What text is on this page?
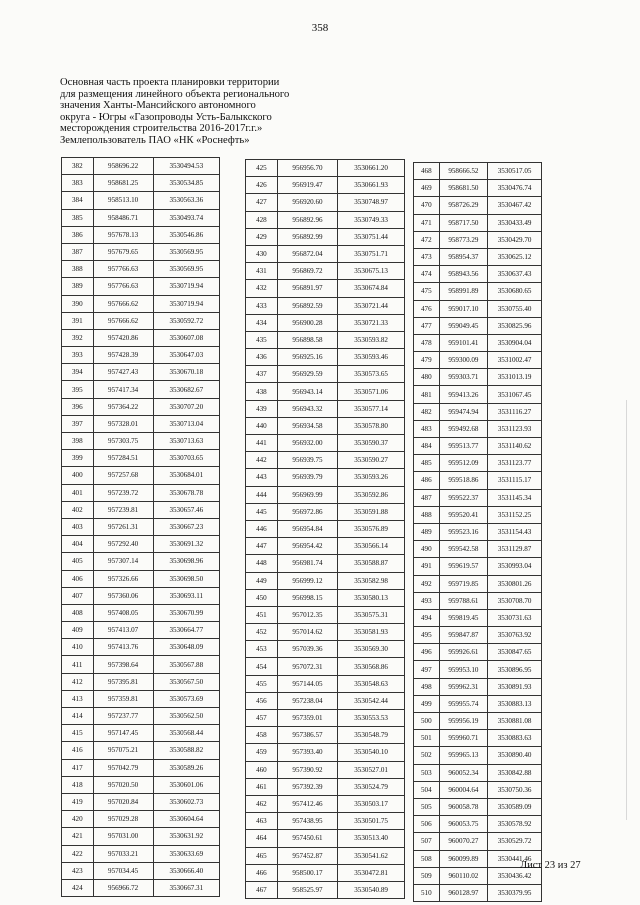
358
Основная часть проекта планировки территории
для размещения линейного объекта регионального
значения Ханты-Мансийского автономного
округа - Югры «Газопроводы Усть-Балыкского
месторождения строительства 2016-2017г.г.»
Землепользователь ПАО «НК «Роснефть»
382	958696.22	3530494.53
383	958681.25	3530534.85
384	958513.10	3530563.36
385	958486.71	3530493.74
386	957678.13	3530546.86
387	957679.65	3530569.95
388	957766.63	3530569.95
389	957766.63	3530719.94
390	957666.62	3530719.94
391	957666.62	3530592.72
392	957420.86	3530607.08
393	957428.39	3530647.03
394	957427.43	3530670.18
395	957417.34	3530682.67
396	957364.22	3530707.20
397	957328.01	3530713.04
398	957303.75	3530713.63
399	957284.51	3530703.65
400	957257.68	3530684.01
401	957239.72	3530678.78
402	957239.81	3530657.46
403	957261.31	3530667.23
404	957292.40	3530691.32
405	957307.14	3530698.96
406	957326.66	3530698.50
407	957360.06	3530693.11
408	957408.05	3530670.99
409	957413.07	3530664.77
410	957413.76	3530648.09
411	957398.64	3530567.88
412	957395.81	3530567.50
413	957359.81	3530573.69
414	957237.77	3530562.50
415	957147.45	3530568.44
416	957075.21	3530588.82
417	957042.79	3530589.26
418	957020.50	3530601.06
419	957020.84	3530602.73
420	957029.28	3530604.64
421	957031.00	3530631.92
422	957033.21	3530633.69
423	957034.45	3530666.40
424	956966.72	3530667.31
425	956956.70	3530661.20
426	956919.47	3530661.93
427	956920.60	3530748.97
428	956892.96	3530749.33
429	956892.99	3530751.44
430	956872.04	3530751.71
431	956869.72	3530675.13
432	956891.97	3530674.84
433	956892.59	3530721.44
434	956900.28	3530721.33
435	956898.58	3530593.82
436	956925.16	3530593.46
437	956929.59	3530573.65
438	956943.14	3530571.06
439	956943.32	3530577.14
440	956934.58	3530578.80
441	956932.00	3530590.37
442	956939.75	3530590.27
443	956939.79	3530593.26
444	956969.99	3530592.86
445	956972.86	3530591.88
446	956954.84	3530576.89
447	956954.42	3530566.14
448	956981.74	3530588.87
449	956999.12	3530582.98
450	956998.15	3530580.13
451	957012.35	3530575.31
452	957014.62	3530581.93
453	957039.36	3530569.30
454	957072.31	3530568.86
455	957144.05	3530548.63
456	957238.04	3530542.44
457	957359.01	3530553.53
458	957386.57	3530548.79
459	957393.40	3530540.10
460	957390.92	3530527.01
461	957392.39	3530524.79
462	957412.46	3530503.17
463	957438.95	3530501.75
464	957450.61	3530513.40
465	957452.87	3530541.62
466	958500.17	3530472.81
467	958525.97	3530540.89
468	958666.52	3530517.05
469	958681.50	3530476.74
470	958726.29	3530467.42
471	958717.50	3530433.49
472	958773.29	3530429.70
473	958954.37	3530625.12
474	958943.56	3530637.43
475	958991.89	3530680.65
476	959017.10	3530755.40
477	959049.45	3530825.96
478	959101.41	3530904.04
479	959300.09	3531002.47
480	959303.71	3531013.19
481	959413.26	3531067.45
482	959474.94	3531116.27
483	959492.68	3531123.93
484	959513.77	3531140.62
485	959512.09	3531123.77
486	959518.86	3531115.17
487	959522.37	3531145.34
488	959520.41	3531152.25
489	959523.16	3531154.43
490	959542.58	3531129.87
491	959619.57	3530993.04
492	959719.85	3530801.26
493	959788.61	3530708.70
494	959819.45	3530731.63
495	959847.87	3530763.92
496	959926.61	3530847.65
497	959953.10	3530896.95
498	959962.31	3530891.93
499	959955.74	3530883.13
500	959956.19	3530881.08
501	959960.71	3530883.63
502	959965.13	3530890.40
503	960052.34	3530842.88
504	960004.64	3530750.36
505	960058.78	3530589.09
506	960053.75	3530578.92
507	960070.27	3530529.72
508	960099.89	3530441.46
509	960110.02	3530436.42
510	960128.97	3530379.95
Лист 23 из 27
